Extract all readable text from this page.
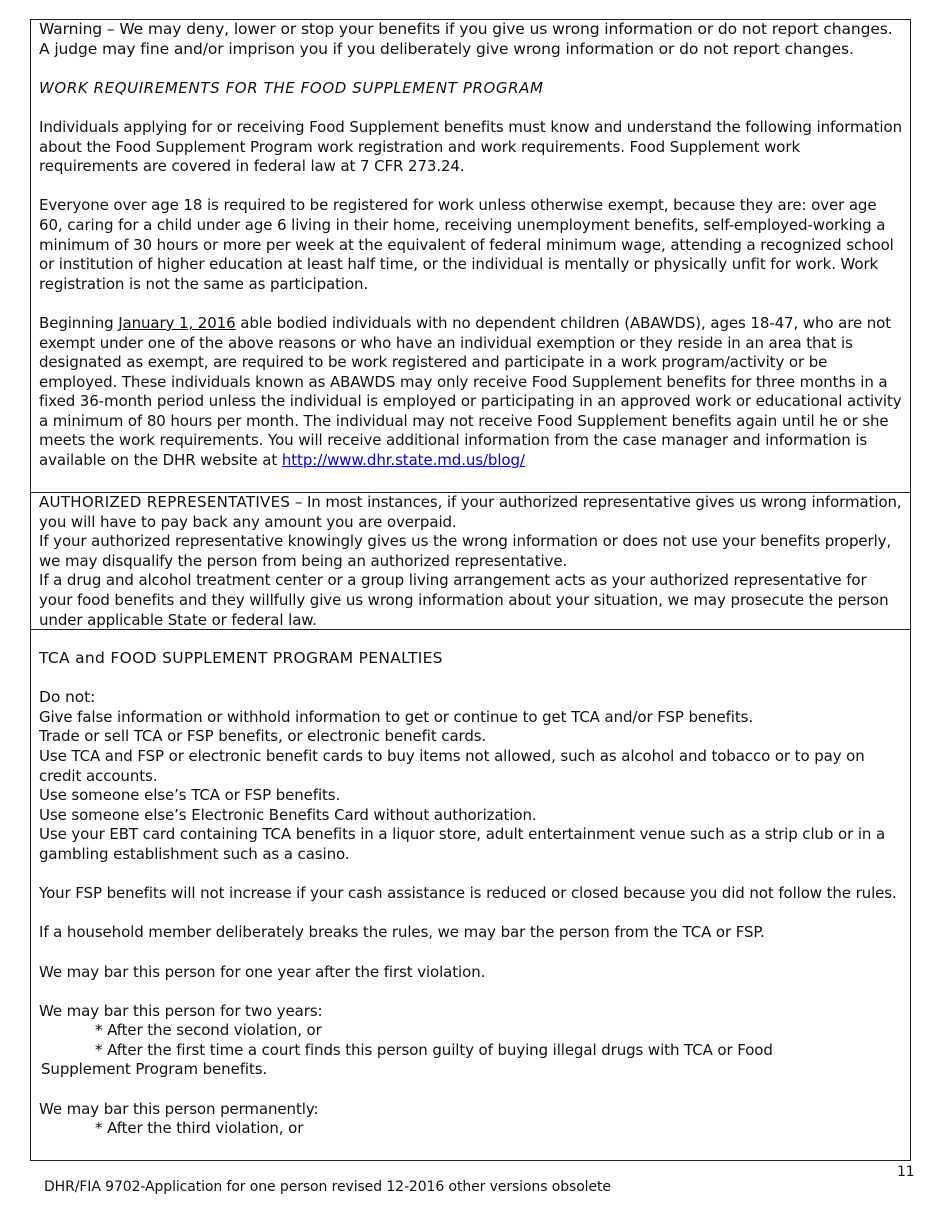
Warning – We may deny, lower or stop your benefits if you give us wrong information or do not report changes. A judge may fine and/or imprison you if you deliberately give wrong information or do not report changes.

WORK REQUIREMENTS FOR THE FOOD SUPPLEMENT PROGRAM

Individuals applying for or receiving Food Supplement benefits must know and understand the following information about the Food Supplement Program work registration and work requirements. Food Supplement work requirements are covered in federal law at 7 CFR 273.24.

Everyone over age 18 is required to be registered for work unless otherwise exempt, because they are: over age 60, caring for a child under age 6 living in their home, receiving unemployment benefits, self-employed-working a minimum of 30 hours or more per week at the equivalent of federal minimum wage, attending a recognized school or institution of higher education at least half time, or the individual is mentally or physically unfit for work. Work registration is not the same as participation.

Beginning January 1, 2016 able bodied individuals with no dependent children (ABAWDS), ages 18-47, who are not exempt under one of the above reasons or who have an individual exemption or they reside in an area that is designated as exempt, are required to be work registered and participate in a work program/activity or be employed. These individuals known as ABAWDS may only receive Food Supplement benefits for three months in a fixed 36-month period unless the individual is employed or participating in an approved work or educational activity a minimum of 80 hours per month. The individual may not receive Food Supplement benefits again until he or she meets the work requirements. You will receive additional information from the case manager and information is available on the DHR website at http://www.dhr.state.md.us/blog/

AUTHORIZED REPRESENTATIVES – In most instances, if your authorized representative gives us wrong information, you will have to pay back any amount you are overpaid.

If your authorized representative knowingly gives us the wrong information or does not use your benefits properly, we may disqualify the person from being an authorized representative.

If a drug and alcohol treatment center or a group living arrangement acts as your authorized representative for your food benefits and they willfully give us wrong information about your situation, we may prosecute the person under applicable State or federal law.

TCA and FOOD SUPPLEMENT PROGRAM PENALTIES

Do not:

Give false information or withhold information to get or continue to get TCA and/or FSP benefits.

Trade or sell TCA or FSP benefits, or electronic benefit cards.

Use TCA and FSP or electronic benefit cards to buy items not allowed, such as alcohol and tobacco or to pay on credit accounts.

Use someone else’s TCA or FSP benefits.

Use someone else’s Electronic Benefits Card without authorization.

Use your EBT card containing TCA benefits in a liquor store, adult entertainment venue such as a strip club or in a gambling establishment such as a casino.

Your FSP benefits will not increase if your cash assistance is reduced or closed because you did not follow the rules.

If a household member deliberately breaks the rules, we may bar the person from the TCA or FSP.

We may bar this person for one year after the first violation.

We may bar this person for two years:

* After the second violation, or

* After the first time a court finds this person guilty of buying illegal drugs with TCA or Food

Supplement Program benefits.

We may bar this person permanently:

* After the third violation, or

11
DHR/FIA 9702-Application for one person revised 12-2016 other versions obsolete
